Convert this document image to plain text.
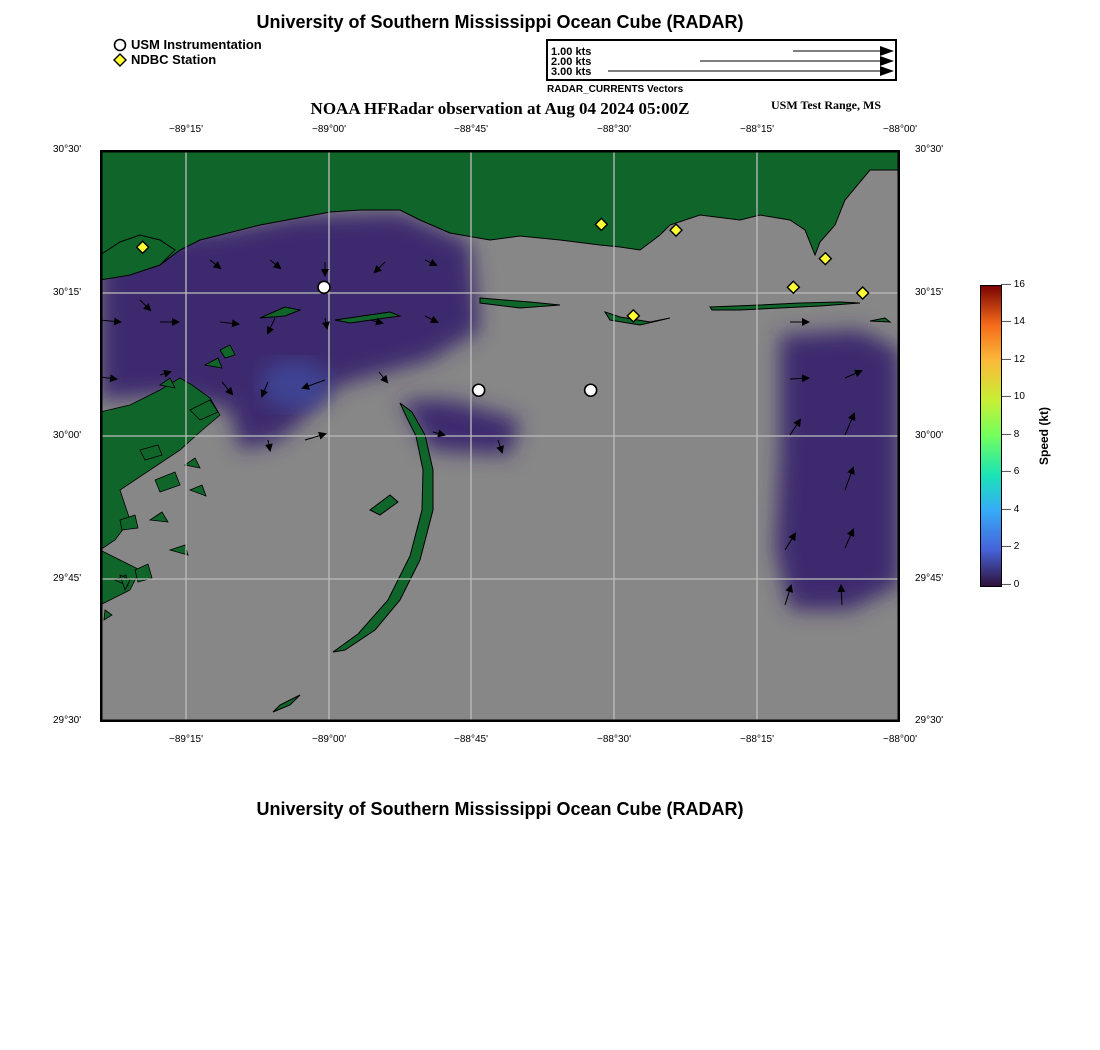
University of Southern Mississippi Ocean Cube (RADAR)
USM Instrumentation
NDBC Station	1.00 kts
2.00 kts
3.00 kts
RADAR_CURRENTS Vectors
NOAA HFRadar observation at Aug 04 2024 05:00Z	USM Test Range, MS
−89°15'	−89°00'	−88°45'	−88°30'	−88°15'	−88°00'
−89°15'	−89°00'	−88°45'	−88°30'	−88°15'	−88°00'
30°30'
30°15'
30°00'
29°45'
29°30'
30°30'
30°15'
30°00'
29°45'
29°30'
— 16
— 14
— 12
— 10
— 8
— 6
— 4
— 2
— 0
Speed (kt)
University of Southern Mississippi Ocean Cube (RADAR)
